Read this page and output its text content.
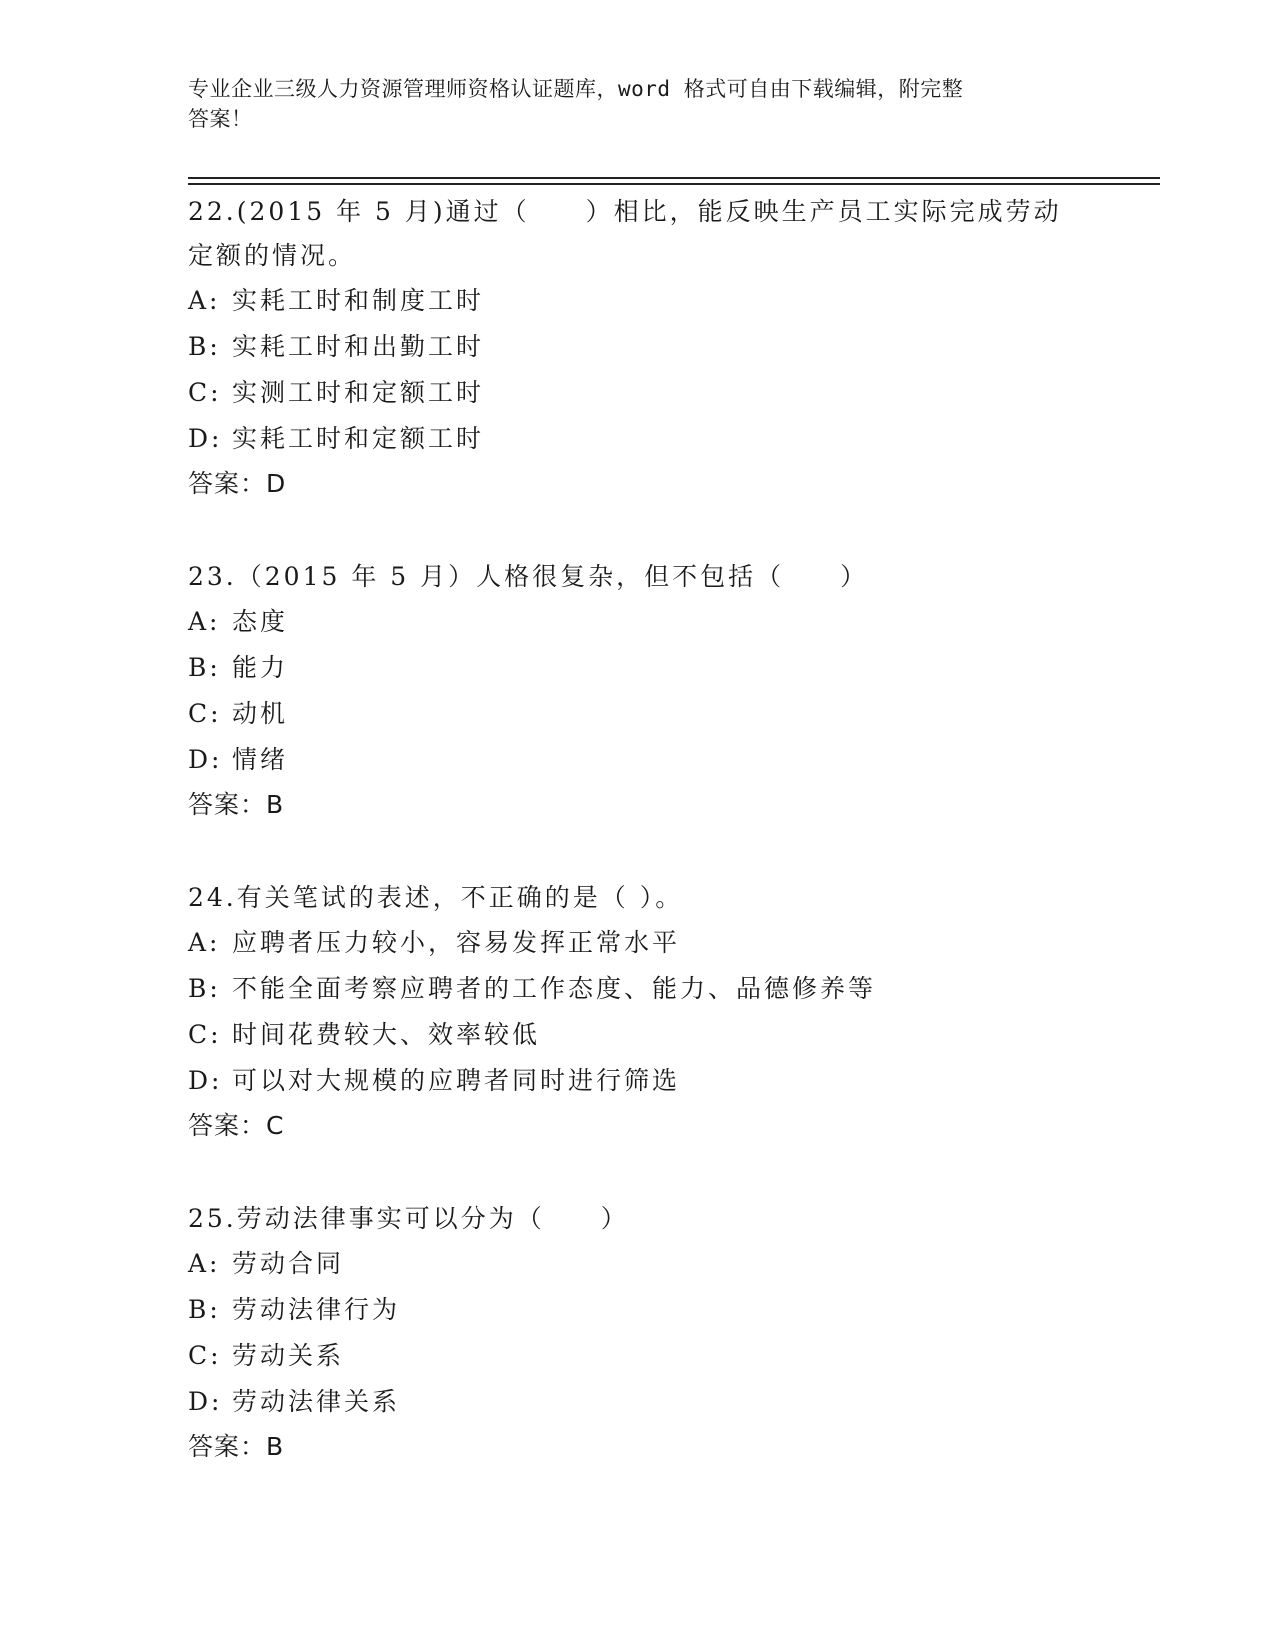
专业企业三级人力资源管理师资格认证题库，word 格式可自由下载编辑，附完整
答案！

22.(2015 年 5 月)通过（　　）相比，能反映生产员工实际完成劳动定额的情况。

A: 实耗工时和制度工时

B: 实耗工时和出勤工时

C: 实测工时和定额工时

D: 实耗工时和定额工时

答案：D

23.（2015 年 5 月）人格很复杂，但不包括（　　）

A: 态度

B: 能力

C: 动机

D: 情绪

答案：B

24.有关笔试的表述，不正确的是（ ）。

A: 应聘者压力较小，容易发挥正常水平

B: 不能全面考察应聘者的工作态度、能力、品德修养等

C: 时间花费较大、效率较低

D: 可以对大规模的应聘者同时进行筛选

答案：C

25.劳动法律事实可以分为（　　）

A: 劳动合同

B: 劳动法律行为

C: 劳动关系

D: 劳动法律关系

答案：B
